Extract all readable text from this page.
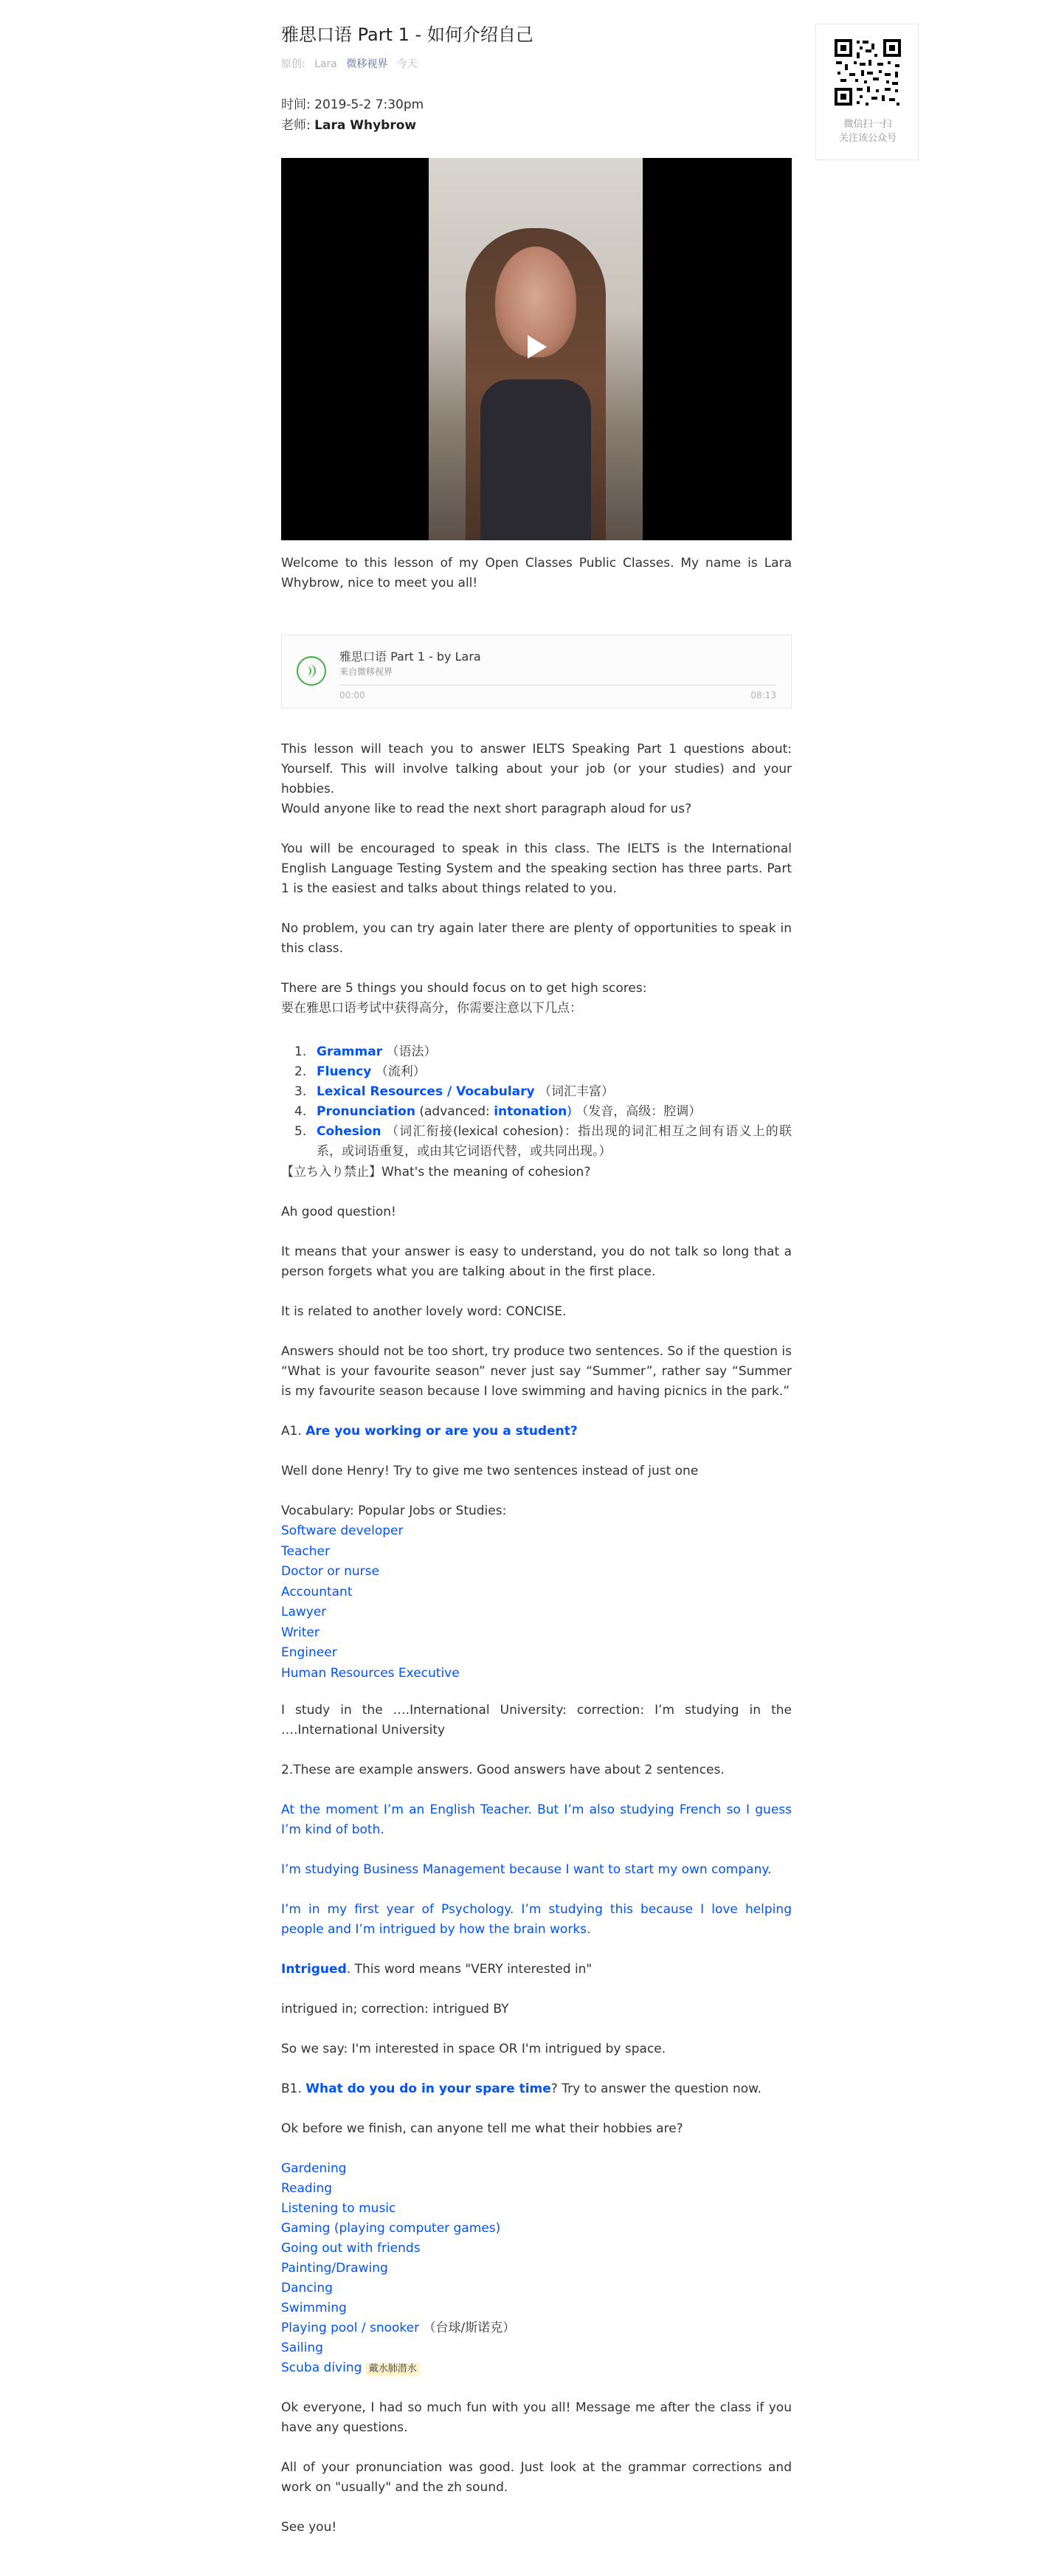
雅思口语 Part 1 - 如何介绍自己
原创: Lara 微移视界 今天
时间: 2019-5-2 7:30pm
老师: Lara Whybrow

Welcome to this lesson of my Open Classes Public Classes. My name is Lara Whybrow, nice to meet you all!

雅思口语 Part 1 - by Lara
来自微移视界
00:00	08:13

This lesson will teach you to answer IELTS Speaking Part 1 questions about: Yourself. This will involve talking about your job (or your studies) and your hobbies.

Would anyone like to read the next short paragraph aloud for us?

You will be encouraged to speak in this class. The IELTS is the International English Language Testing System and the speaking section has three parts. Part 1 is the easiest and talks about things related to you.

No problem, you can try again later there are plenty of opportunities to speak in this class.

There are 5 things you should focus on to get high scores:

要在雅思口语考试中获得高分，你需要注意以下几点：

1. Grammar （语法）
2. Fluency （流利）
3. Lexical Resources / Vocabulary （词汇丰富）
4. Pronunciation (advanced: intonation) （发音，高级：腔调）
5. Cohesion （词汇衔接(lexical cohesion)：指出现的词汇相互之间有语义上的联系，或词语重复，或由其它词语代替，或共同出现。）

【立ち入り禁止】What's the meaning of cohesion?

Ah good question!

It means that your answer is easy to understand, you do not talk so long that a person forgets what you are talking about in the first place.

It is related to another lovely word: CONCISE.

Answers should not be too short, try produce two sentences. So if the question is “What is your favourite season” never just say “Summer”, rather say “Summer is my favourite season because I love swimming and having picnics in the park.”

A1. Are you working or are you a student?

Well done Henry! Try to give me two sentences instead of just one

Vocabulary: Popular Jobs or Studies:

Software developer
Teacher
Doctor or nurse
Accountant
Lawyer
Writer
Engineer
Human Resources Executive

I study in the ….International University: correction: I’m studying in the ….International University

2.These are example answers. Good answers have about 2 sentences.

At the moment I’m an English Teacher. But I’m also studying French so I guess I’m kind of both.

I’m studying Business Management because I want to start my own company.

I’m in my first year of Psychology. I’m studying this because I love helping people and I’m intrigued by how the brain works.

Intrigued. This word means "VERY interested in"

intrigued in; correction: intrigued BY

So we say: I'm interested in space OR I'm intrigued by space.

B1. What do you do in your spare time? Try to answer the question now.

Ok before we finish, can anyone tell me what their hobbies are?

Gardening
Reading
Listening to music
Gaming (playing computer games)
Going out with friends
Painting/Drawing
Dancing
Swimming
Playing pool / snooker （台球/斯诺克）
Sailing
Scuba diving 戴水肺潜水

Ok everyone, I had so much fun with you all! Message me after the class if you have any questions.

All of your pronunciation was good. Just look at the grammar corrections and work on "usually" and the zh sound.

See you!

微信扫一扫
关注该公众号
